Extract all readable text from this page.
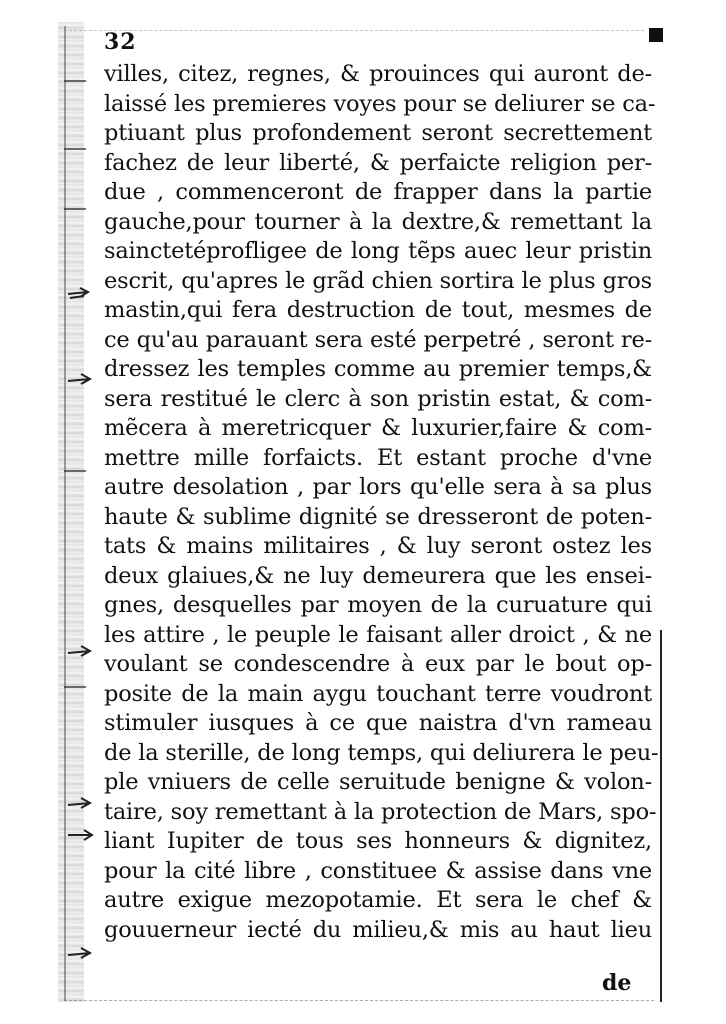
32
villes, citez, regnes, & prouinces qui auront de-
laissé les premieres voyes pour se deliurer se ca-
ptiuant plus profondement seront secrettement
fachez de leur liberté, & perfaicte religion per-
due , commenceront de frapper dans la partie
gauche,pour tourner à la dextre,& remettant la
sainctetéprofligee de long tẽps auec leur pristin
escrit, qu'apres le grãd chien sortira le plus gros
mastin,qui fera destruction de tout, mesmes de
ce qu'au parauant sera esté perpetré , seront re-
dressez les temples comme au premier temps,&
sera restitué le clerc à son pristin estat, & com-
mẽcera à meretricquer & luxurier,faire & com-
mettre mille forfaicts. Et estant proche d'vne
autre desolation , par lors qu'elle sera à sa plus
haute & sublime dignité se dresseront de poten-
tats & mains militaires , & luy seront ostez les
deux glaiues,& ne luy demeurera que les ensei-
gnes, desquelles par moyen de la curuature qui
les attire , le peuple le faisant aller droict , & ne
voulant se condescendre à eux par le bout op-
posite de la main aygu touchant terre voudront
stimuler iusques à ce que naistra d'vn rameau
de la sterille, de long temps, qui deliurera le peu-
ple vniuers de celle seruitude benigne & volon-
taire, soy remettant à la protection de Mars, spo-
liant Iupiter de tous ses honneurs & dignitez,
pour la cité libre , constituee & assise dans vne
autre exigue mezopotamie. Et sera le chef &
gouuerneur iecté du milieu,& mis au haut lieu
de
